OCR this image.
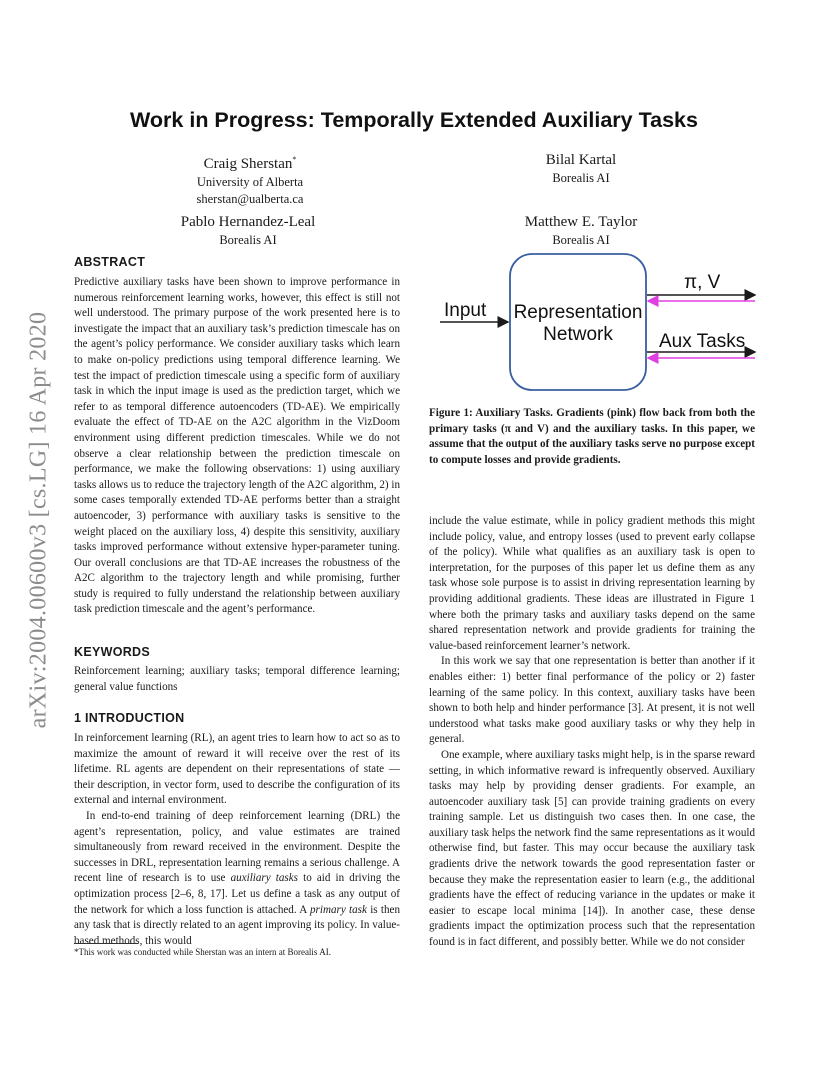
arXiv:2004.00600v3 [cs.LG] 16 Apr 2020
Work in Progress: Temporally Extended Auxiliary Tasks
Craig Sherstan*
University of Alberta
sherstan@ualberta.ca
Bilal Kartal
Borealis AI
Pablo Hernandez-Leal
Borealis AI
Matthew E. Taylor
Borealis AI
ABSTRACT

Predictive auxiliary tasks have been shown to improve performance in numerous reinforcement learning works, however, this effect is still not well understood. The primary purpose of the work presented here is to investigate the impact that an auxiliary task’s prediction timescale has on the agent’s policy performance. We consider auxiliary tasks which learn to make on-policy predictions using temporal difference learning. We test the impact of prediction timescale using a specific form of auxiliary task in which the input image is used as the prediction target, which we refer to as temporal difference autoencoders (TD-AE). We empirically evaluate the effect of TD-AE on the A2C algorithm in the VizDoom environment using different prediction timescales. While we do not observe a clear relationship between the prediction timescale on performance, we make the following observations: 1) using auxiliary tasks allows us to reduce the trajectory length of the A2C algorithm, 2) in some cases temporally extended TD-AE performs better than a straight autoencoder, 3) performance with auxiliary tasks is sensitive to the weight placed on the auxiliary loss, 4) despite this sensitivity, auxiliary tasks improved performance without extensive hyper-parameter tuning. Our overall conclusions are that TD-AE increases the robustness of the A2C algorithm to the trajectory length and while promising, further study is required to fully understand the relationship between auxiliary task prediction timescale and the agent’s performance.

KEYWORDS

Reinforcement learning; auxiliary tasks; temporal difference learning; general value functions

1 INTRODUCTION

In reinforcement learning (RL), an agent tries to learn how to act so as to maximize the amount of reward it will receive over the rest of its lifetime. RL agents are dependent on their representations of state — their description, in vector form, used to describe the configuration of its external and internal environment.

In end-to-end training of deep reinforcement learning (DRL) the agent’s representation, policy, and value estimates are trained simultaneously from reward received in the environment. Despite the successes in DRL, representation learning remains a serious challenge. A recent line of research is to use auxiliary tasks to aid in driving the optimization process [2–6, 8, 17]. Let us define a task as any output of the network for which a loss function is attached. A primary task is then any task that is directly related to an agent improving its policy. In value-based methods, this would

*This work was conducted while Sherstan was an intern at Borealis AI.
Representation
Network
Input
π, V
Aux Tasks
Figure 1: Auxiliary Tasks. Gradients (pink) flow back from both the primary tasks (π and V) and the auxiliary tasks. In this paper, we assume that the output of the auxiliary tasks serve no purpose except to compute losses and provide gradients.

include the value estimate, while in policy gradient methods this might include policy, value, and entropy losses (used to prevent early collapse of the policy). While what qualifies as an auxiliary task is open to interpretation, for the purposes of this paper let us define them as any task whose sole purpose is to assist in driving representation learning by providing additional gradients. These ideas are illustrated in Figure 1 where both the primary tasks and auxiliary tasks depend on the same shared representation network and provide gradients for training the value-based reinforcement learner’s network.

In this work we say that one representation is better than another if it enables either: 1) better final performance of the policy or 2) faster learning of the same policy. In this context, auxiliary tasks have been shown to both help and hinder performance [3]. At present, it is not well understood what tasks make good auxiliary tasks or why they help in general.

One example, where auxiliary tasks might help, is in the sparse reward setting, in which informative reward is infrequently observed. Auxiliary tasks may help by providing denser gradients. For example, an autoencoder auxiliary task [5] can provide training gradients on every training sample. Let us distinguish two cases then. In one case, the auxiliary task helps the network find the same representations as it would otherwise find, but faster. This may occur because the auxiliary task gradients drive the network towards the good representation faster or because they make the representation easier to learn (e.g., the additional gradients have the effect of reducing variance in the updates or make it easier to escape local minima [14]). In another case, these dense gradients impact the optimization process such that the representation found is in fact different, and possibly better. While we do not consider
